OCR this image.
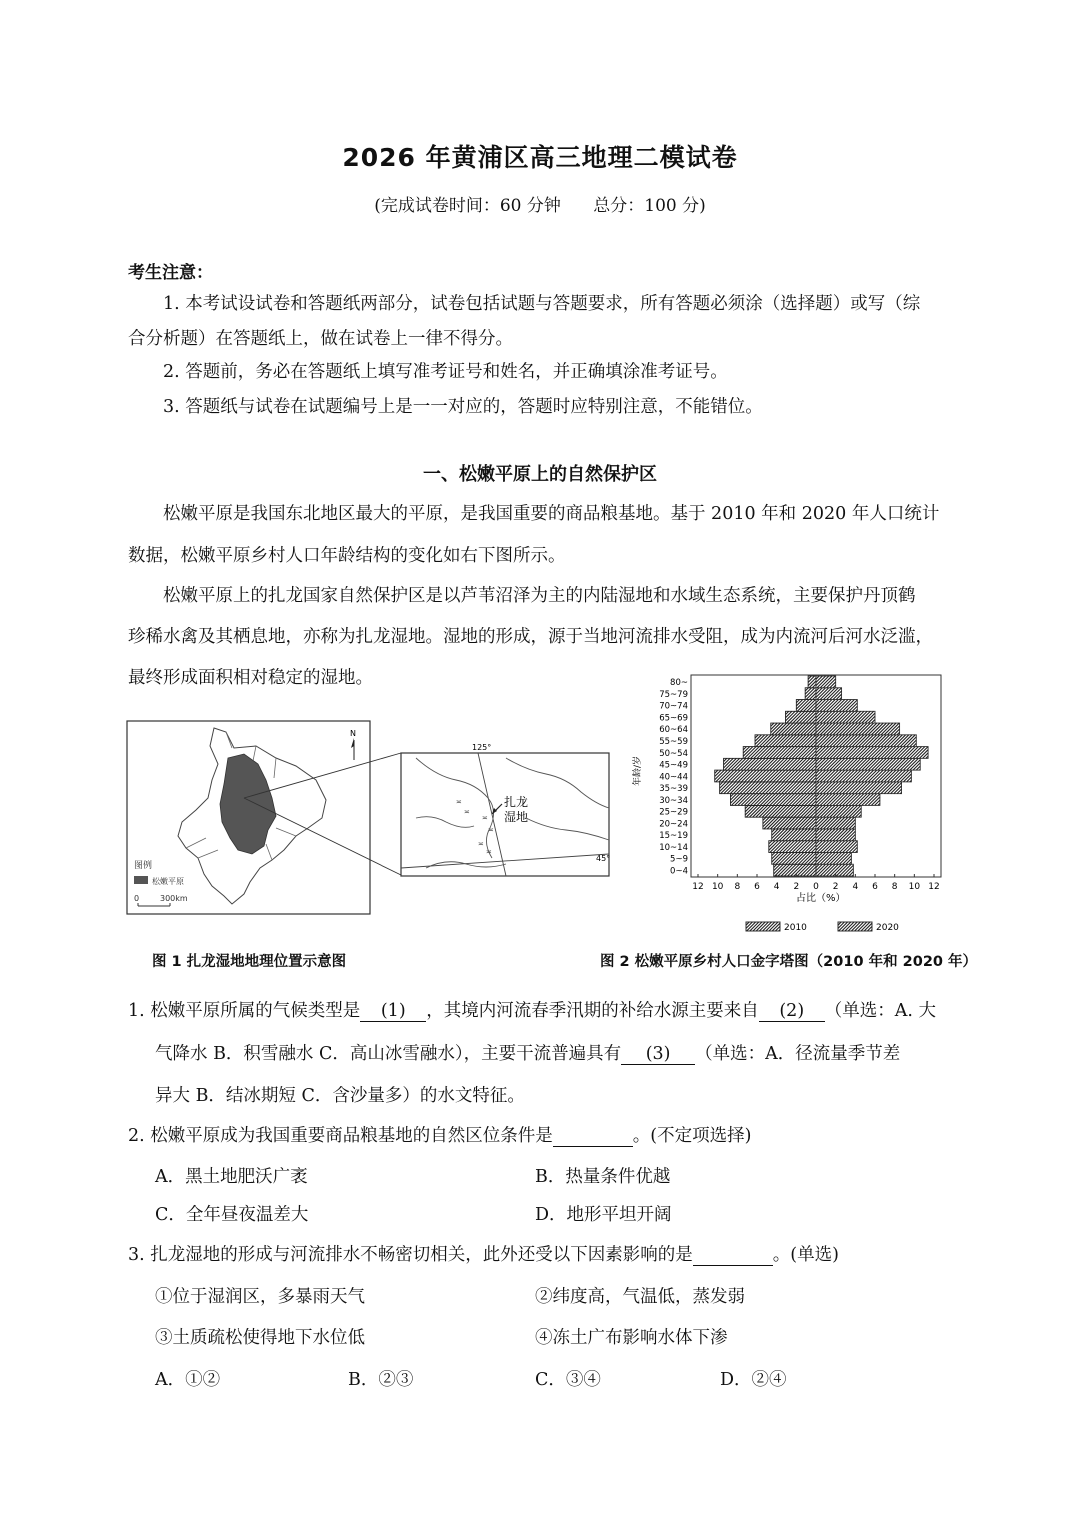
2026 年黄浦区高三地理二模试卷
(完成试卷时间：60 分钟      总分：100 分)
考生注意：
1. 本考试设试卷和答题纸两部分，试卷包括试题与答题要求，所有答题必须涂（选择题）或写（综
合分析题）在答题纸上，做在试卷上一律不得分。
2. 答题前，务必在答题纸上填写准考证号和姓名，并正确填涂准考证号。
3. 答题纸与试卷在试题编号上是一一对应的，答题时应特别注意，不能错位。
一、松嫩平原上的自然保护区
松嫩平原是我国东北地区最大的平原，是我国重要的商品粮基地。基于 2010 年和 2020 年人口统计
数据，松嫩平原乡村人口年龄结构的变化如右下图所示。
松嫩平原上的扎龙国家自然保护区是以芦苇沼泽为主的内陆湿地和水域生态系统，主要保护丹顶鹤
珍稀水禽及其栖息地，亦称为扎龙湿地。湿地的形成，源于当地河流排水受阻，成为内流河后河水泛滥，
最终形成面积相对稳定的湿地。
N
图例
松嫩平原
0	300km
125°
45°
≍
≍
≍
≍
≍
≍
扎龙
湿地
图 1 扎龙湿地地理位置示意图
年龄/岁
占比（%）
0~4
5~9
10~14
15~19
20~24
25~29
30~34
35~39
40~44
45~49
50~54
55~59
60~64
65~69
70~74
75~79
80~
12 10 8 6 4 2 0 2 4 6 8 10 12
2010	2020
图 2 松嫩平原乡村人口金字塔图（2010 年和 2020 年）
1. 松嫩平原所属的气候类型是 (1) ，其境内河流春季汛期的补给水源主要来自 (2) （单选：A. 大
气降水 B．积雪融水 C．高山冰雪融水），主要干流普遍具有 (3) （单选：A．径流量季节差
异大 B．结冰期短 C．含沙量多）的水文特征。
2. 松嫩平原成为我国重要商品粮基地的自然区位条件是	。(不定项选择)
A．黑土地肥沃广袤	B．热量条件优越
C．全年昼夜温差大	D．地形平坦开阔
3. 扎龙湿地的形成与河流排水不畅密切相关，此外还受以下因素影响的是	。(单选)
①位于湿润区，多暴雨天气	②纬度高，气温低，蒸发弱
③土质疏松使得地下水位低	④冻土广布影响水体下渗
A．①②	B．②③	C．③④	D．②④
